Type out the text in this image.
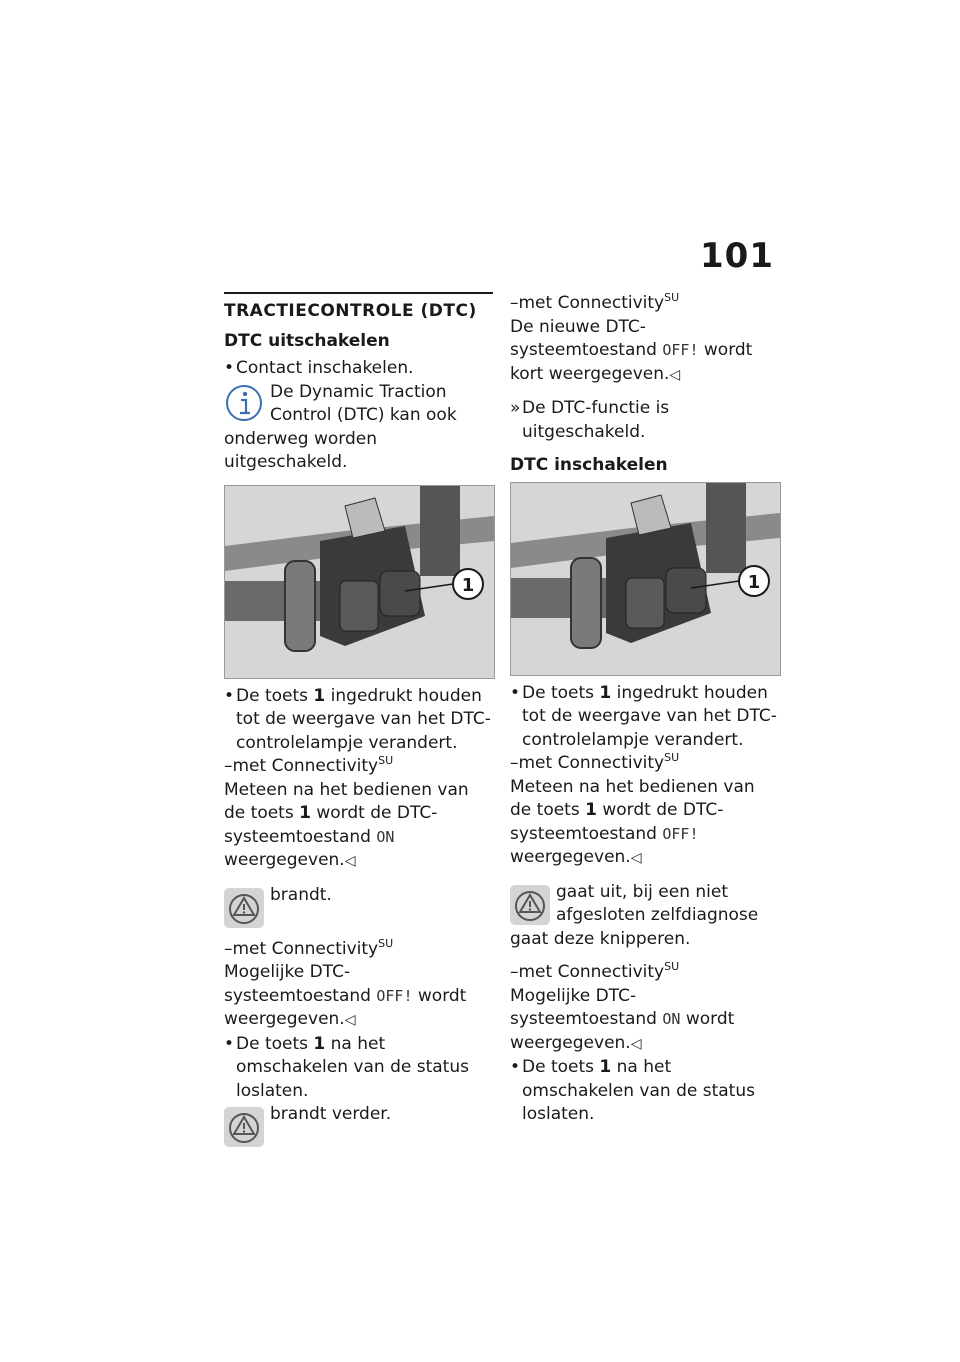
101
TRACTIECONTROLE (DTC)
DTC uitschakelen

• Contact inschakelen.

De Dynamic Traction Control (DTC) kan ook onderweg worden uitgeschakeld.

1

• De toets 1 ingedrukt houden tot de weergave van het DTC-controlelampje verandert.

–met Connectivity$^{SU}$

Meteen na het bedienen van de toets 1 wordt de DTC-systeemtoestand ON weergegeven.◁

brandt.

–met Connectivity$^{SU}$

Mogelijke DTC-systeemtoestand OFF! wordt weergegeven.◁

• De toets 1 na het omschakelen van de status loslaten.

brandt verder.

–met Connectivity$^{SU}$

De nieuwe DTC-systeemtoestand OFF! wordt kort weergegeven.◁

» De DTC-functie is uitgeschakeld.

DTC inschakelen
1

• De toets 1 ingedrukt houden tot de weergave van het DTC-controlelampje verandert.

–met Connectivity$^{SU}$

Meteen na het bedienen van de toets 1 wordt de DTC-systeemtoestand OFF! weergegeven.◁

gaat uit, bij een niet afgesloten zelfdiagnose gaat deze knipperen.

–met Connectivity$^{SU}$

Mogelijke DTC-systeemtoestand ON wordt weergegeven.◁

• De toets 1 na het omschakelen van de status loslaten.
